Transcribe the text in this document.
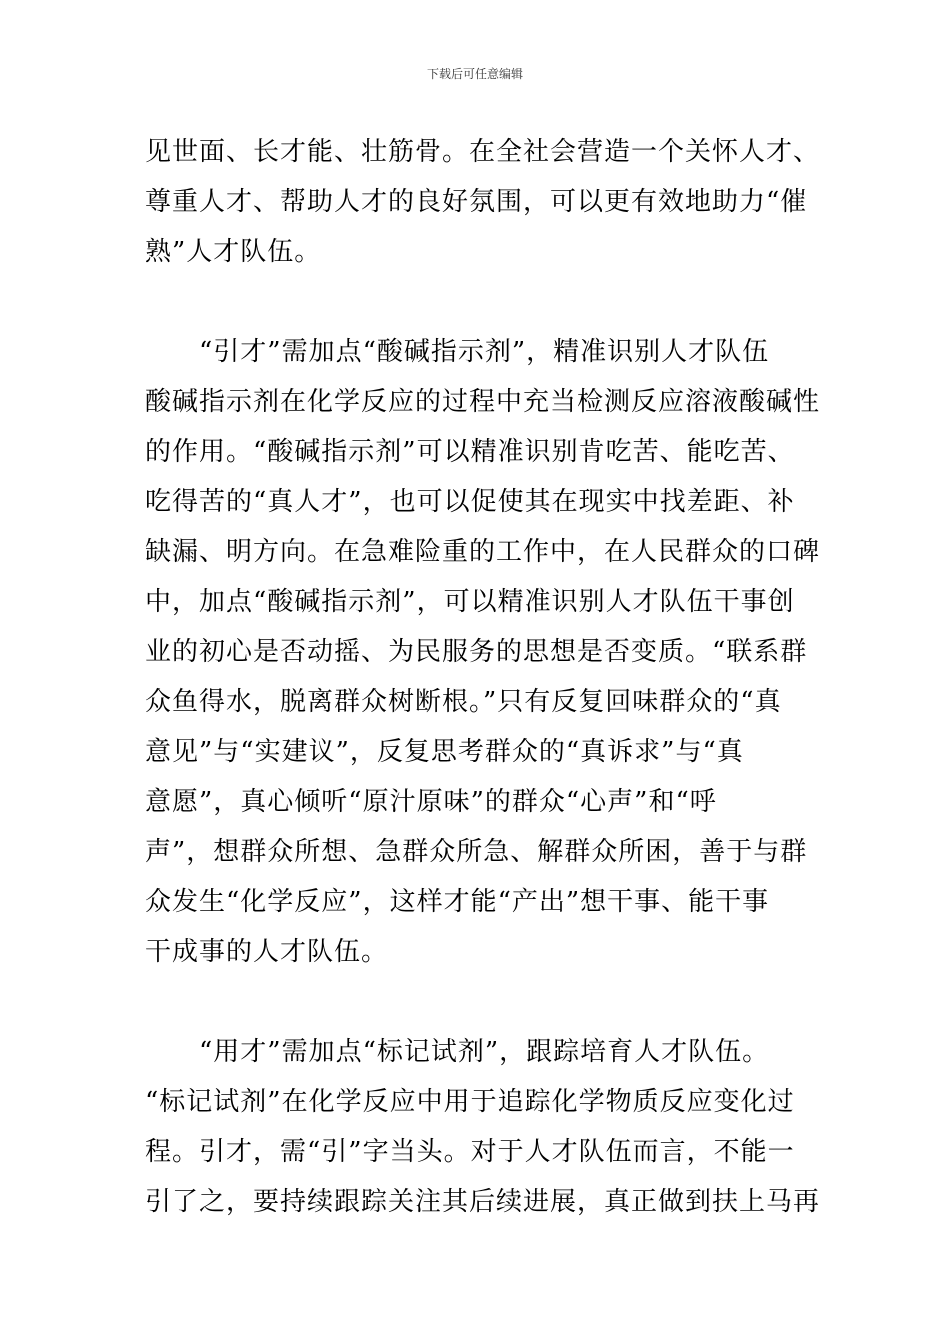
下载后可任意编辑
见世面、长才能、壮筋骨。在全社会营造一个关怀人才、
尊重人才、帮助人才的良好氛围，可以更有效地助力“催
熟”人才队伍。
　　“引才”需加点“酸碱指示剂”，精准识别人才队伍
酸碱指示剂在化学反应的过程中充当检测反应溶液酸碱性
的作用。“酸碱指示剂”可以精准识别肯吃苦、能吃苦、
吃得苦的“真人才”，也可以促使其在现实中找差距、补
缺漏、明方向。在急难险重的工作中，在人民群众的口碑
中，加点“酸碱指示剂”，可以精准识别人才队伍干事创
业的初心是否动摇、为民服务的思想是否变质。“联系群
众鱼得水，脱离群众树断根。”只有反复回味群众的“真
意见”与“实建议”，反复思考群众的“真诉求”与“真
意愿”，真心倾听“原汁原味”的群众“心声”和“呼
声”，想群众所想、急群众所急、解群众所困，善于与群
众发生“化学反应”，这样才能“产出”想干事、能干事
干成事的人才队伍。
　　“用才”需加点“标记试剂”，跟踪培育人才队伍。
“标记试剂”在化学反应中用于追踪化学物质反应变化过
程。引才，需“引”字当头。对于人才队伍而言，不能一
引了之，要持续跟踪关注其后续进展，真正做到扶上马再
